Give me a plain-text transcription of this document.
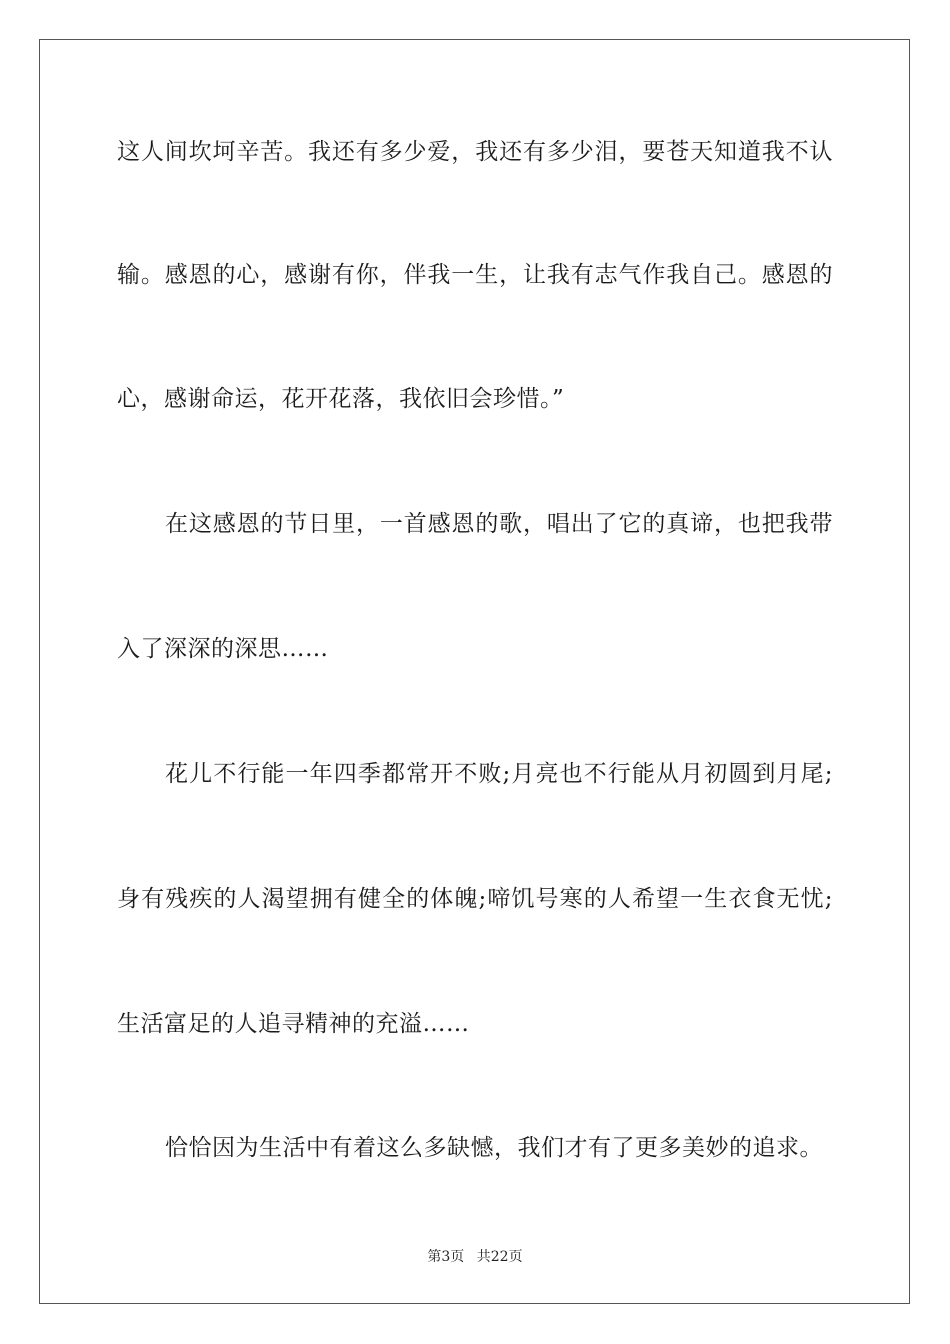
这人间坎坷辛苦。我还有多少爱，我还有多少泪，要苍天知道我不认
输。感恩的心，感谢有你，伴我一生，让我有志气作我自己。感恩的
心，感谢命运，花开花落，我依旧会珍惜。”
在这感恩的节日里，一首感恩的歌，唱出了它的真谛，也把我带
入了深深的深思……
花儿不行能一年四季都常开不败;月亮也不行能从月初圆到月尾;
身有残疾的人渴望拥有健全的体魄;啼饥号寒的人希望一生衣食无忧;
生活富足的人追寻精神的充溢……
恰恰因为生活中有着这么多缺憾，我们才有了更多美妙的追求。
第3页 共22页
